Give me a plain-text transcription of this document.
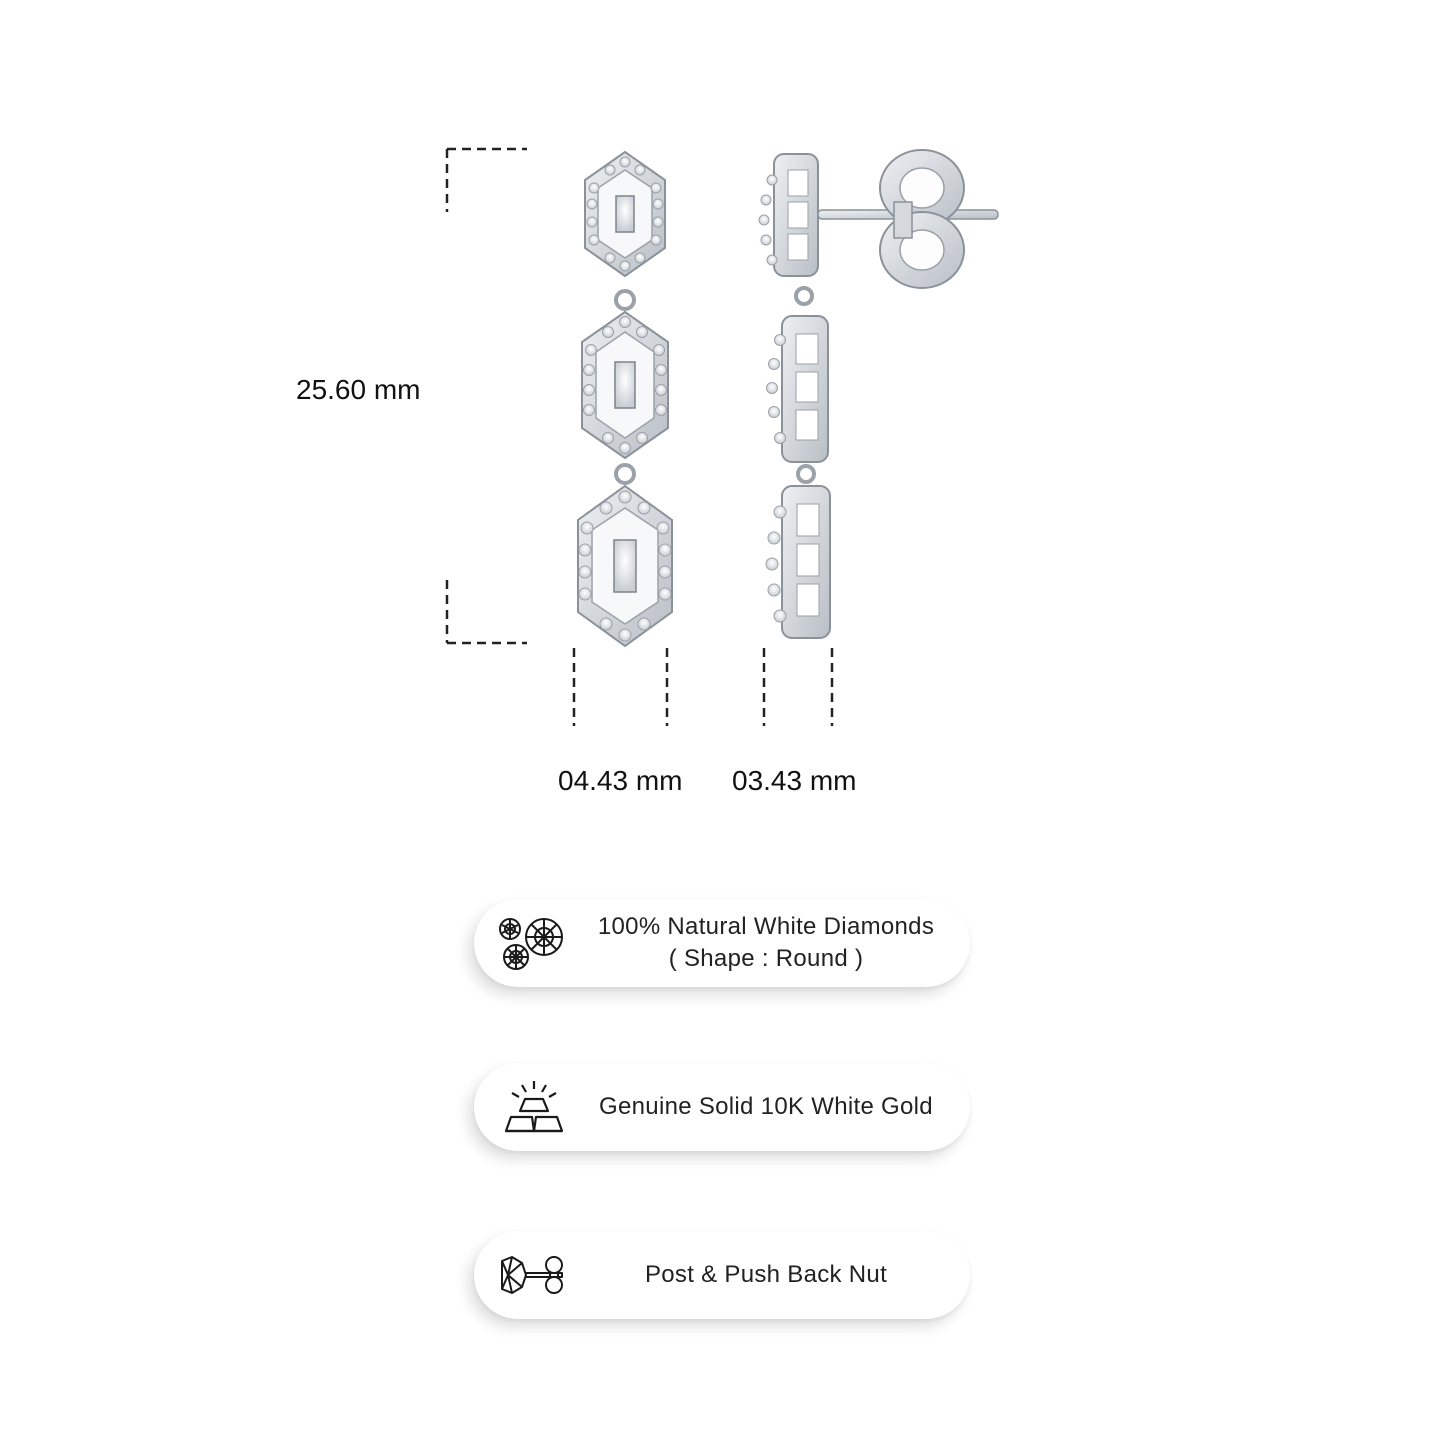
25.60 mm
04.43 mm 03.43 mm
100% Natural White Diamonds
( Shape : Round )
Genuine Solid 10K White Gold
Post & Push Back Nut
